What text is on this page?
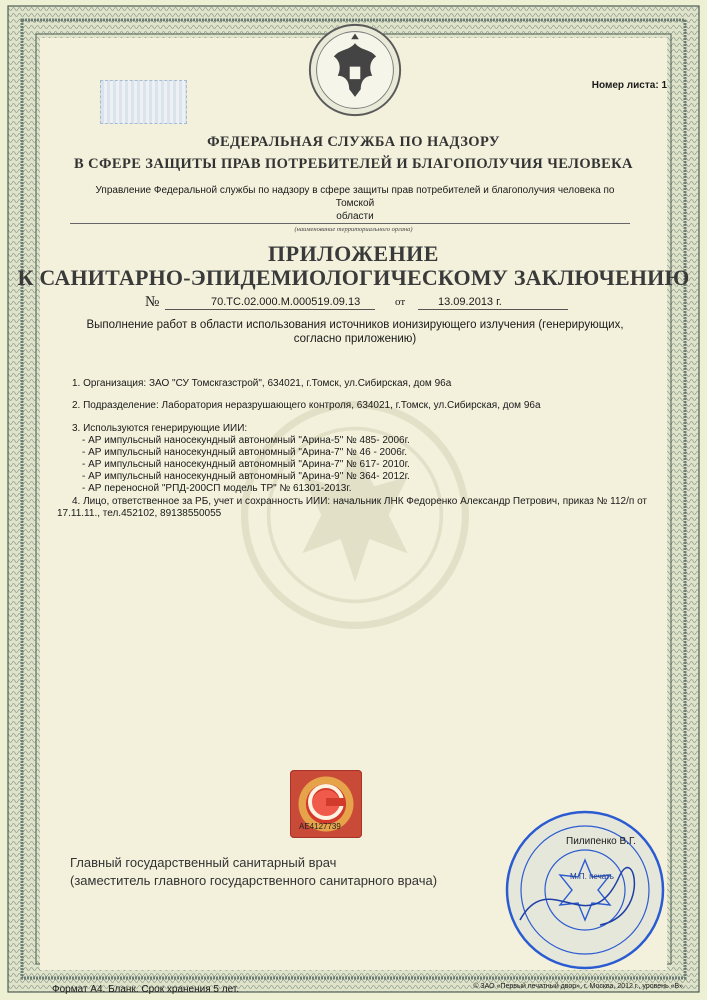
Номер листа: 1
ФЕДЕРАЛЬНАЯ СЛУЖБА ПО НАДЗОРУ
В СФЕРЕ ЗАЩИТЫ ПРАВ ПОТРЕБИТЕЛЕЙ И БЛАГОПОЛУЧИЯ ЧЕЛОВЕКА
Управление Федеральной службы по надзору в сфере защиты прав потребителей и благополучия человека по Томской
области
(наименование территориального органа)
ПРИЛОЖЕНИЕ
К САНИТАРНО-ЭПИДЕМИОЛОГИЧЕСКОМУ ЗАКЛЮЧЕНИЮ
№	70.ТС.02.000.М.000519.09.13	от	13.09.2013 г.
Выполнение работ в области использования источников ионизирующего излучения (генерирующих,
согласно приложению)
1. Организация: ЗАО "СУ Томскгазстрой", 634021, г.Томск, ул.Сибирская, дом 96а
2. Подразделение: Лаборатория неразрушающего контроля, 634021, г.Томск, ул.Сибирская, дом 96а
3. Используются генерирующие ИИИ:
- АР импульсный наносекундный автономный "Арина-5" № 485- 2006г.
- АР импульсный наносекундный автономный "Арина-7" № 46 - 2006г.
- АР импульсный наносекундный автономный "Арина-7" № 617- 2010г.
- АР импульсный наносекундный автономный "Арина-9" № 364- 2012г.
- АР переносной "РПД-200СП модель ТР" № 61301-2013г.
4. Лицо, ответственное за РБ, учет и сохранность ИИИ: начальник ЛНК Федоренко Александр Петрович, приказ № 112/п от
17.11.11., тел.452102, 89138550055
АЕ4127739
Главный государственный санитарный врач
(заместитель главного государственного санитарного врача)
Пилипенко В.Г.
М.П. печать
Формат А4. Бланк. Срок хранения 5 лет.	© ЗАО «Первый печатный двор», г. Москва, 2012 г., уровень «В».
